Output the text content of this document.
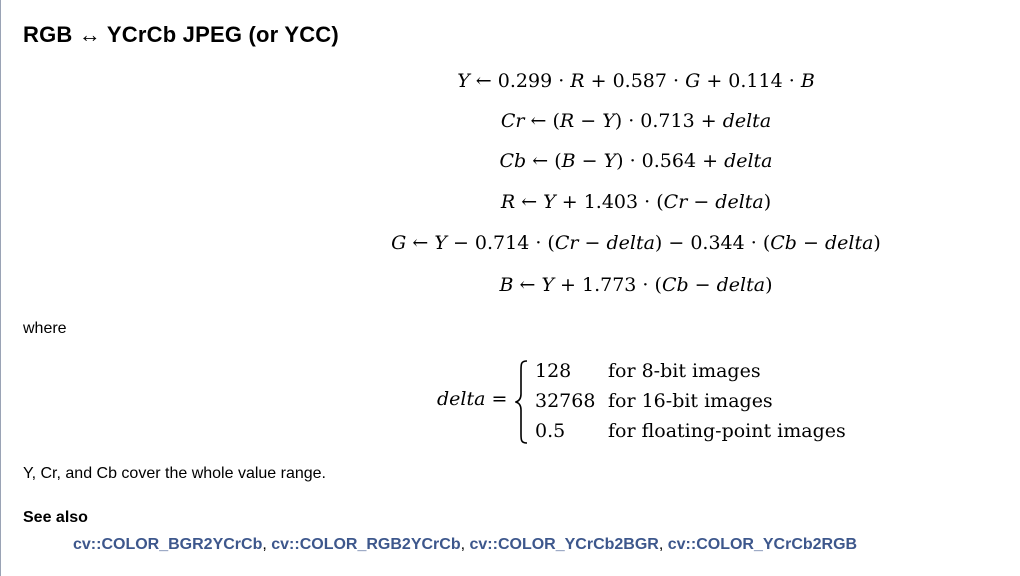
RGB ↔ YCrCb JPEG (or YCC)
Y ← 0.299 · R + 0.587 · G + 0.114 · B
Cr ← (R − Y) · 0.713 + delta
Cb ← (B − Y) · 0.564 + delta
R ← Y + 1.403 · (Cr − delta)
G ← Y − 0.714 · (Cr − delta) − 0.344 · (Cb − delta)
B ← Y + 1.773 · (Cb − delta)
where
delta =
128 for 8-bit images
32768 for 16-bit images
0.5 for floating-point images
Y, Cr, and Cb cover the whole value range.
See also
cv::COLOR_BGR2YCrCb, cv::COLOR_RGB2YCrCb, cv::COLOR_YCrCb2BGR, cv::COLOR_YCrCb2RGB
